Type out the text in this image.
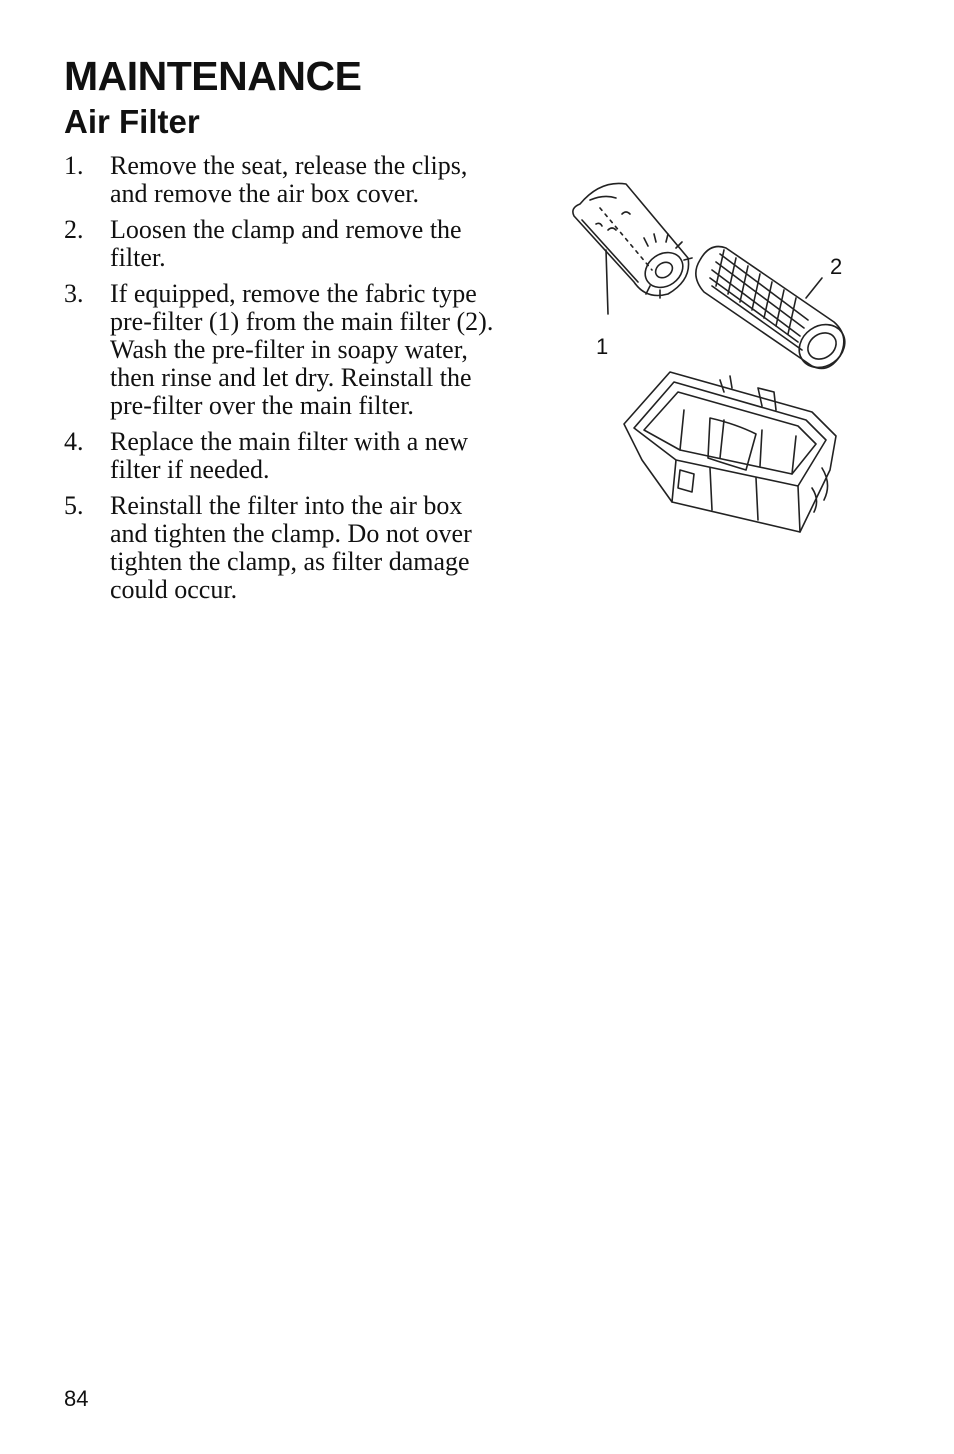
MAINTENANCE
Air Filter
1.	Remove the seat, release the clips, and remove the air box cover.
2.	Loosen the clamp and remove the filter.
3.	If equipped, remove the fabric type pre-filter (1) from the main filter (2). Wash the pre-filter in soapy water, then rinse and let dry. Reinstall the pre-filter over the main filter.
4.	Replace the main filter with a new filter if needed.
5.	Reinstall the filter into the air box and tighten the clamp. Do not over tighten the clamp, as filter damage could occur.
1
2
84
